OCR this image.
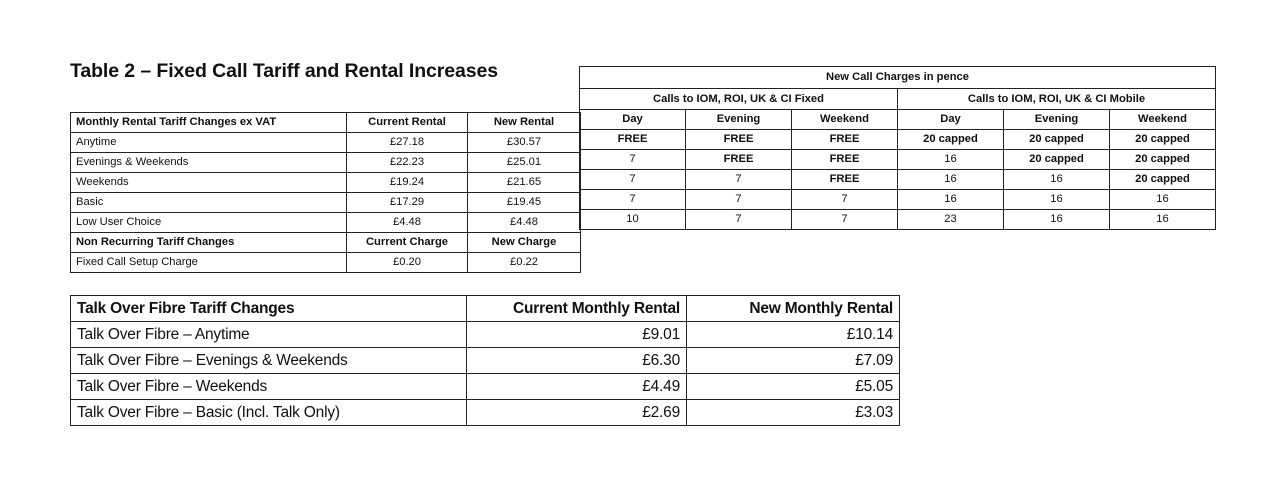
Table 2 – Fixed Call Tariff and Rental Increases
Monthly Rental Tariff Changes ex VAT	Current Rental	New Rental
Anytime	£27.18	£30.57
Evenings & Weekends	£22.23	£25.01
Weekends	£19.24	£21.65
Basic	£17.29	£19.45
Low User Choice	£4.48	£4.48
Non Recurring Tariff Changes	Current Charge	New Charge
Fixed Call Setup Charge	£0.20	£0.22
New Call Charges in pence					
Calls to IOM, ROI, UK & CI Fixed			Calls to IOM, ROI, UK & CI Mobile		
Day	Evening	Weekend	Day	Evening	Weekend
FREE	FREE	FREE	20 capped	20 capped	20 capped
7	FREE	FREE	16	20 capped	20 capped
7	7	FREE	16	16	20 capped
7	7	7	16	16	16
10	7	7	23	16	16
Talk Over Fibre Tariff Changes	Current Monthly Rental	New Monthly Rental
Talk Over Fibre – Anytime	£9.01	£10.14
Talk Over Fibre – Evenings & Weekends	£6.30	£7.09
Talk Over Fibre – Weekends	£4.49	£5.05
Talk Over Fibre – Basic (Incl. Talk Only)	£2.69	£3.03
